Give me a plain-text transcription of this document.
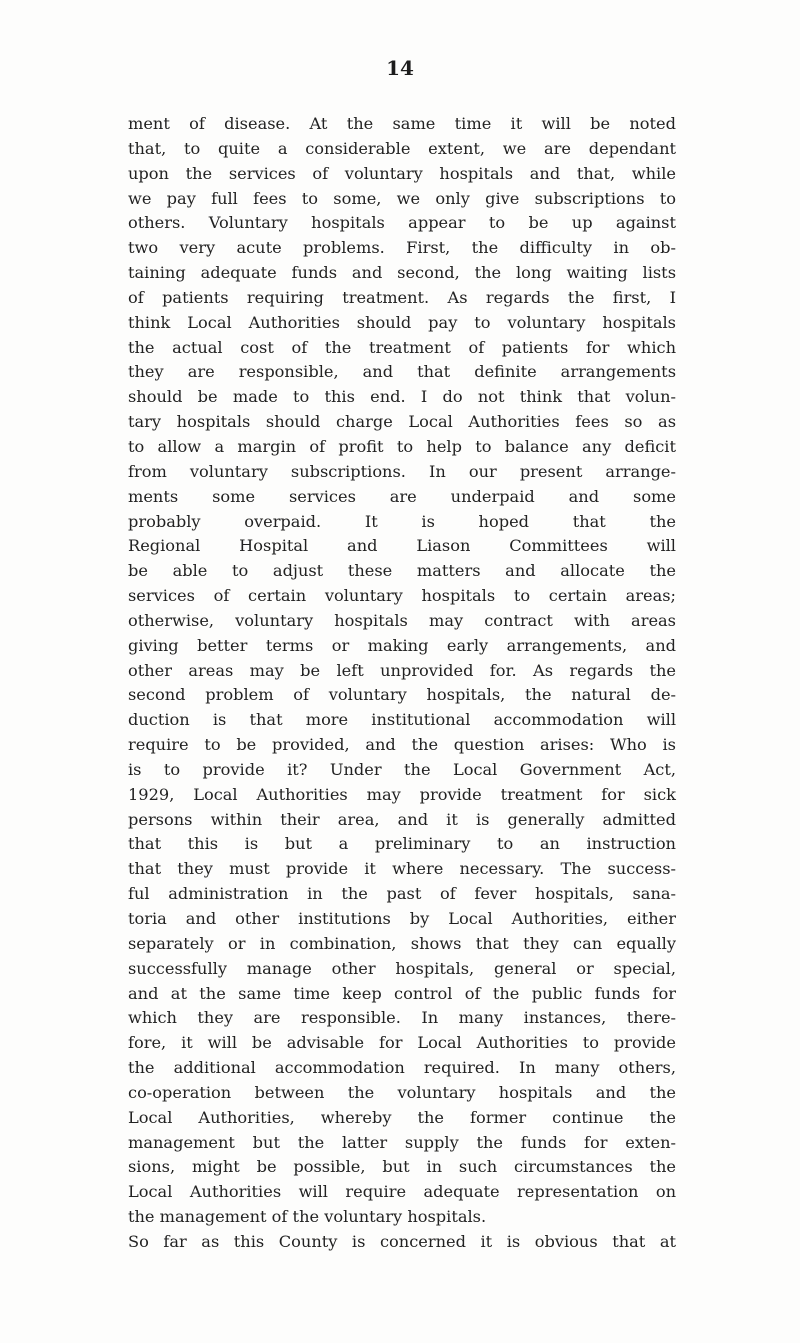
14
ment of disease. At the same time it will be noted
that, to quite a considerable extent, we are dependant
upon the services of voluntary hospitals and that, while
we pay full fees to some, we only give subscriptions to
others. Voluntary hospitals appear to be up against
two very acute problems. First, the difficulty in ob-
taining adequate funds and second, the long waiting lists
of patients requiring treatment. As regards the first, I
think Local Authorities should pay to voluntary hospitals
the actual cost of the treatment of patients for which
they are responsible, and that definite arrangements
should be made to this end. I do not think that volun-
tary hospitals should charge Local Authorities fees so as
to allow a margin of profit to help to balance any deficit
from voluntary subscriptions. In our present arrange-
ments some services are underpaid and some
probably overpaid. It is hoped that the
Regional Hospital and Liason Committees will
be able to adjust these matters and allocate the
services of certain voluntary hospitals to certain areas;
otherwise, voluntary hospitals may contract with areas
giving better terms or making early arrangements, and
other areas may be left unprovided for. As regards the
second problem of voluntary hospitals, the natural de-
duction is that more institutional accommodation will
require to be provided, and the question arises: Who is
is to provide it? Under the Local Government Act,
1929, Local Authorities may provide treatment for sick
persons within their area, and it is generally admitted
that this is but a preliminary to an instruction
that they must provide it where necessary. The success-
ful administration in the past of fever hospitals, sana-
toria and other institutions by Local Authorities, either
separately or in combination, shows that they can equally
successfully manage other hospitals, general or special,
and at the same time keep control of the public funds for
which they are responsible. In many instances, there-
fore, it will be advisable for Local Authorities to provide
the additional accommodation required. In many others,
co-operation between the voluntary hospitals and the
Local Authorities, whereby the former continue the
management but the latter supply the funds for exten-
sions, might be possible, but in such circumstances the
Local Authorities will require adequate representation on
the management of the voluntary hospitals.
So far as this County is concerned it is obvious that at
